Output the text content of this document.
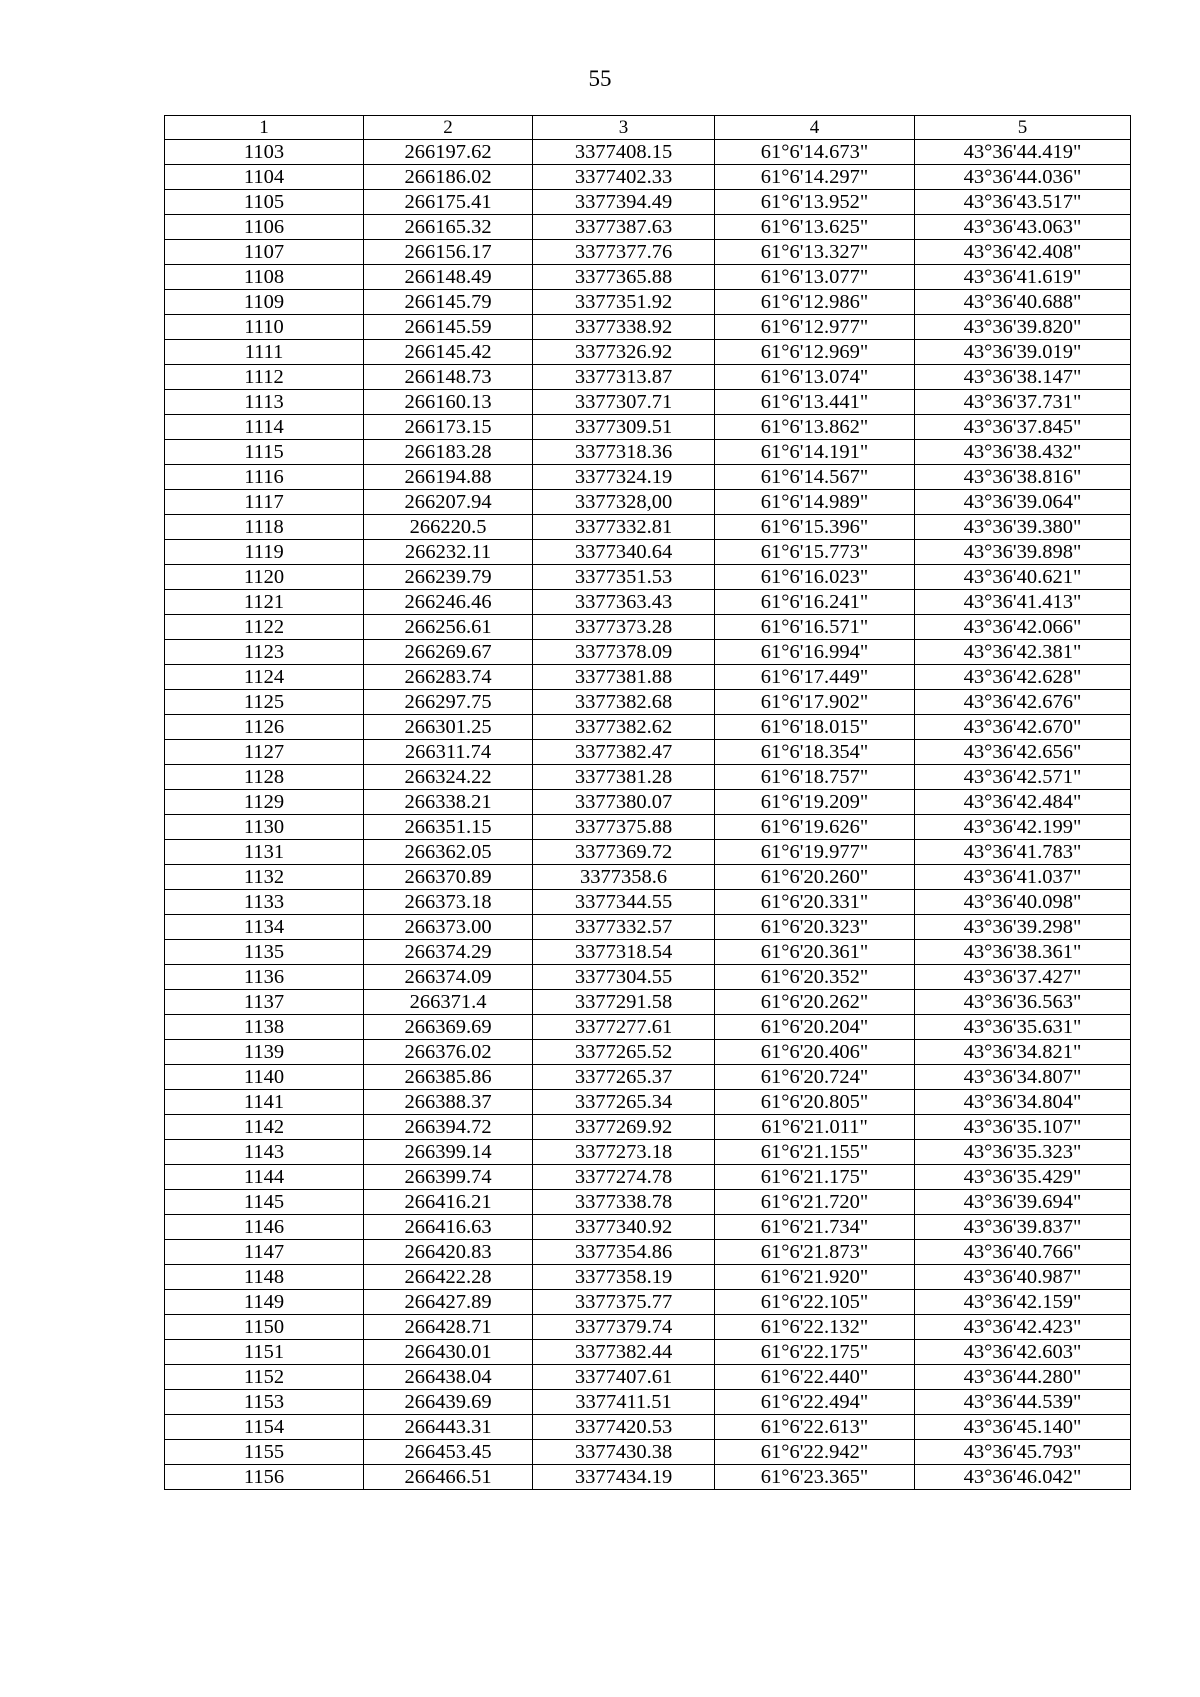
55
1	2	3	4	5
1103	266197.62	3377408.15	61°6'14.673"	43°36'44.419"
1104	266186.02	3377402.33	61°6'14.297"	43°36'44.036"
1105	266175.41	3377394.49	61°6'13.952"	43°36'43.517"
1106	266165.32	3377387.63	61°6'13.625"	43°36'43.063"
1107	266156.17	3377377.76	61°6'13.327"	43°36'42.408"
1108	266148.49	3377365.88	61°6'13.077"	43°36'41.619"
1109	266145.79	3377351.92	61°6'12.986"	43°36'40.688"
1110	266145.59	3377338.92	61°6'12.977"	43°36'39.820"
1111	266145.42	3377326.92	61°6'12.969"	43°36'39.019"
1112	266148.73	3377313.87	61°6'13.074"	43°36'38.147"
1113	266160.13	3377307.71	61°6'13.441"	43°36'37.731"
1114	266173.15	3377309.51	61°6'13.862"	43°36'37.845"
1115	266183.28	3377318.36	61°6'14.191"	43°36'38.432"
1116	266194.88	3377324.19	61°6'14.567"	43°36'38.816"
1117	266207.94	3377328,00	61°6'14.989"	43°36'39.064"
1118	266220.5	3377332.81	61°6'15.396"	43°36'39.380"
1119	266232.11	3377340.64	61°6'15.773"	43°36'39.898"
1120	266239.79	3377351.53	61°6'16.023"	43°36'40.621"
1121	266246.46	3377363.43	61°6'16.241"	43°36'41.413"
1122	266256.61	3377373.28	61°6'16.571"	43°36'42.066"
1123	266269.67	3377378.09	61°6'16.994"	43°36'42.381"
1124	266283.74	3377381.88	61°6'17.449"	43°36'42.628"
1125	266297.75	3377382.68	61°6'17.902"	43°36'42.676"
1126	266301.25	3377382.62	61°6'18.015"	43°36'42.670"
1127	266311.74	3377382.47	61°6'18.354"	43°36'42.656"
1128	266324.22	3377381.28	61°6'18.757"	43°36'42.571"
1129	266338.21	3377380.07	61°6'19.209"	43°36'42.484"
1130	266351.15	3377375.88	61°6'19.626"	43°36'42.199"
1131	266362.05	3377369.72	61°6'19.977"	43°36'41.783"
1132	266370.89	3377358.6	61°6'20.260"	43°36'41.037"
1133	266373.18	3377344.55	61°6'20.331"	43°36'40.098"
1134	266373.00	3377332.57	61°6'20.323"	43°36'39.298"
1135	266374.29	3377318.54	61°6'20.361"	43°36'38.361"
1136	266374.09	3377304.55	61°6'20.352"	43°36'37.427"
1137	266371.4	3377291.58	61°6'20.262"	43°36'36.563"
1138	266369.69	3377277.61	61°6'20.204"	43°36'35.631"
1139	266376.02	3377265.52	61°6'20.406"	43°36'34.821"
1140	266385.86	3377265.37	61°6'20.724"	43°36'34.807"
1141	266388.37	3377265.34	61°6'20.805"	43°36'34.804"
1142	266394.72	3377269.92	61°6'21.011"	43°36'35.107"
1143	266399.14	3377273.18	61°6'21.155"	43°36'35.323"
1144	266399.74	3377274.78	61°6'21.175"	43°36'35.429"
1145	266416.21	3377338.78	61°6'21.720"	43°36'39.694"
1146	266416.63	3377340.92	61°6'21.734"	43°36'39.837"
1147	266420.83	3377354.86	61°6'21.873"	43°36'40.766"
1148	266422.28	3377358.19	61°6'21.920"	43°36'40.987"
1149	266427.89	3377375.77	61°6'22.105"	43°36'42.159"
1150	266428.71	3377379.74	61°6'22.132"	43°36'42.423"
1151	266430.01	3377382.44	61°6'22.175"	43°36'42.603"
1152	266438.04	3377407.61	61°6'22.440"	43°36'44.280"
1153	266439.69	3377411.51	61°6'22.494"	43°36'44.539"
1154	266443.31	3377420.53	61°6'22.613"	43°36'45.140"
1155	266453.45	3377430.38	61°6'22.942"	43°36'45.793"
1156	266466.51	3377434.19	61°6'23.365"	43°36'46.042"
